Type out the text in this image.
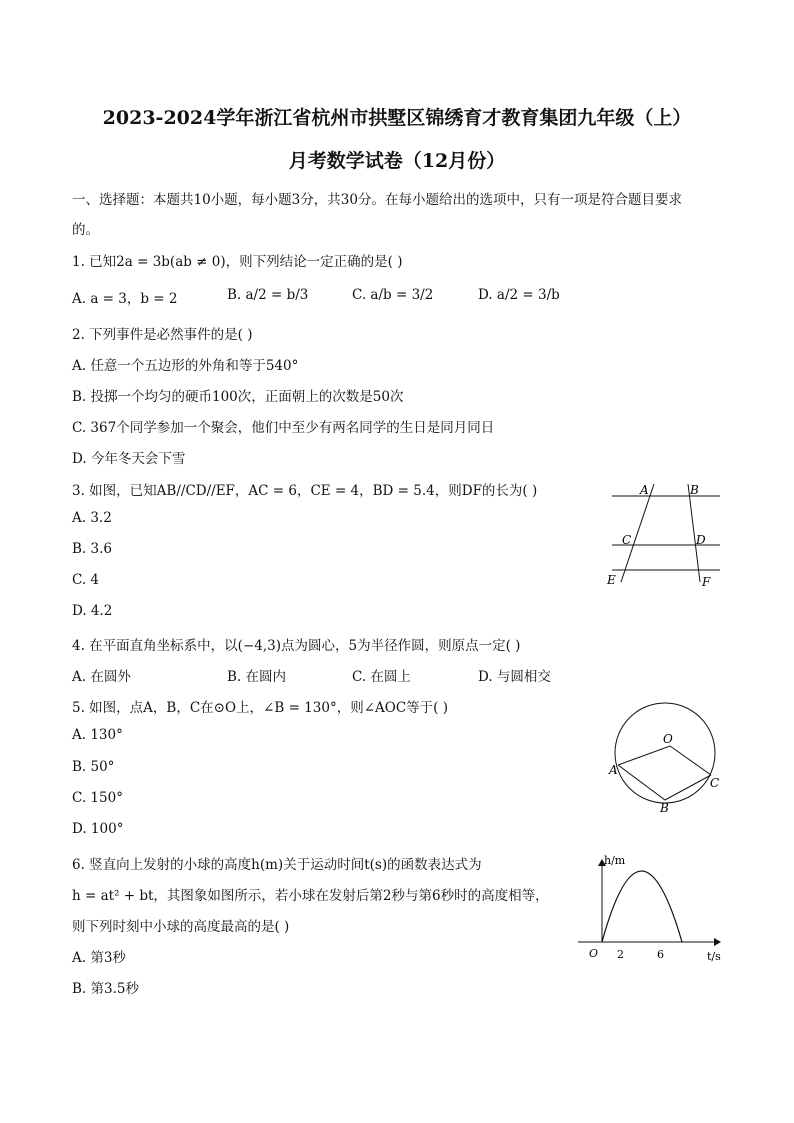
2023-2024学年浙江省杭州市拱墅区锦绣育才教育集团九年级（上）
月考数学试卷（12月份）
一、选择题：本题共10小题，每小题3分，共30分。在每小题给出的选项中，只有一项是符合题目要求
的。
1. 已知2a = 3b(ab ≠ 0)，则下列结论一定正确的是( )
A. a = 3，b = 2	B. a/2 = b/3	C. a/b = 3/2	D. a/2 = 3/b
2. 下列事件是必然事件的是( )
A. 任意一个五边形的外角和等于540°
B. 投掷一个均匀的硬币100次，正面朝上的次数是50次
C. 367个同学参加一个聚会，他们中至少有两名同学的生日是同月同日
D. 今年冬天会下雪
3. 如图，已知AB//CD//EF，AC = 6，CE = 4，BD = 5.4，则DF的长为( )
A. 3.2
B. 3.6
C. 4
D. 4.2
A	B
C	D
E	F
4. 在平面直角坐标系中，以(−4,3)点为圆心，5为半径作圆，则原点一定( )
A. 在圆外	B. 在圆内	C. 在圆上	D. 与圆相交
5. 如图，点A，B，C在⊙O上，∠B = 130°，则∠AOC等于( )
A. 130°
B. 50°
C. 150°
D. 100°
O
A
B
C
6. 竖直向上发射的小球的高度h(m)关于运动时间t(s)的函数表达式为
h = at² + bt，其图象如图所示，若小球在发射后第2秒与第6秒时的高度相等，
则下列时刻中小球的高度最高的是( )
A. 第3秒
B. 第3.5秒
h/m
t/s
O 2	6
